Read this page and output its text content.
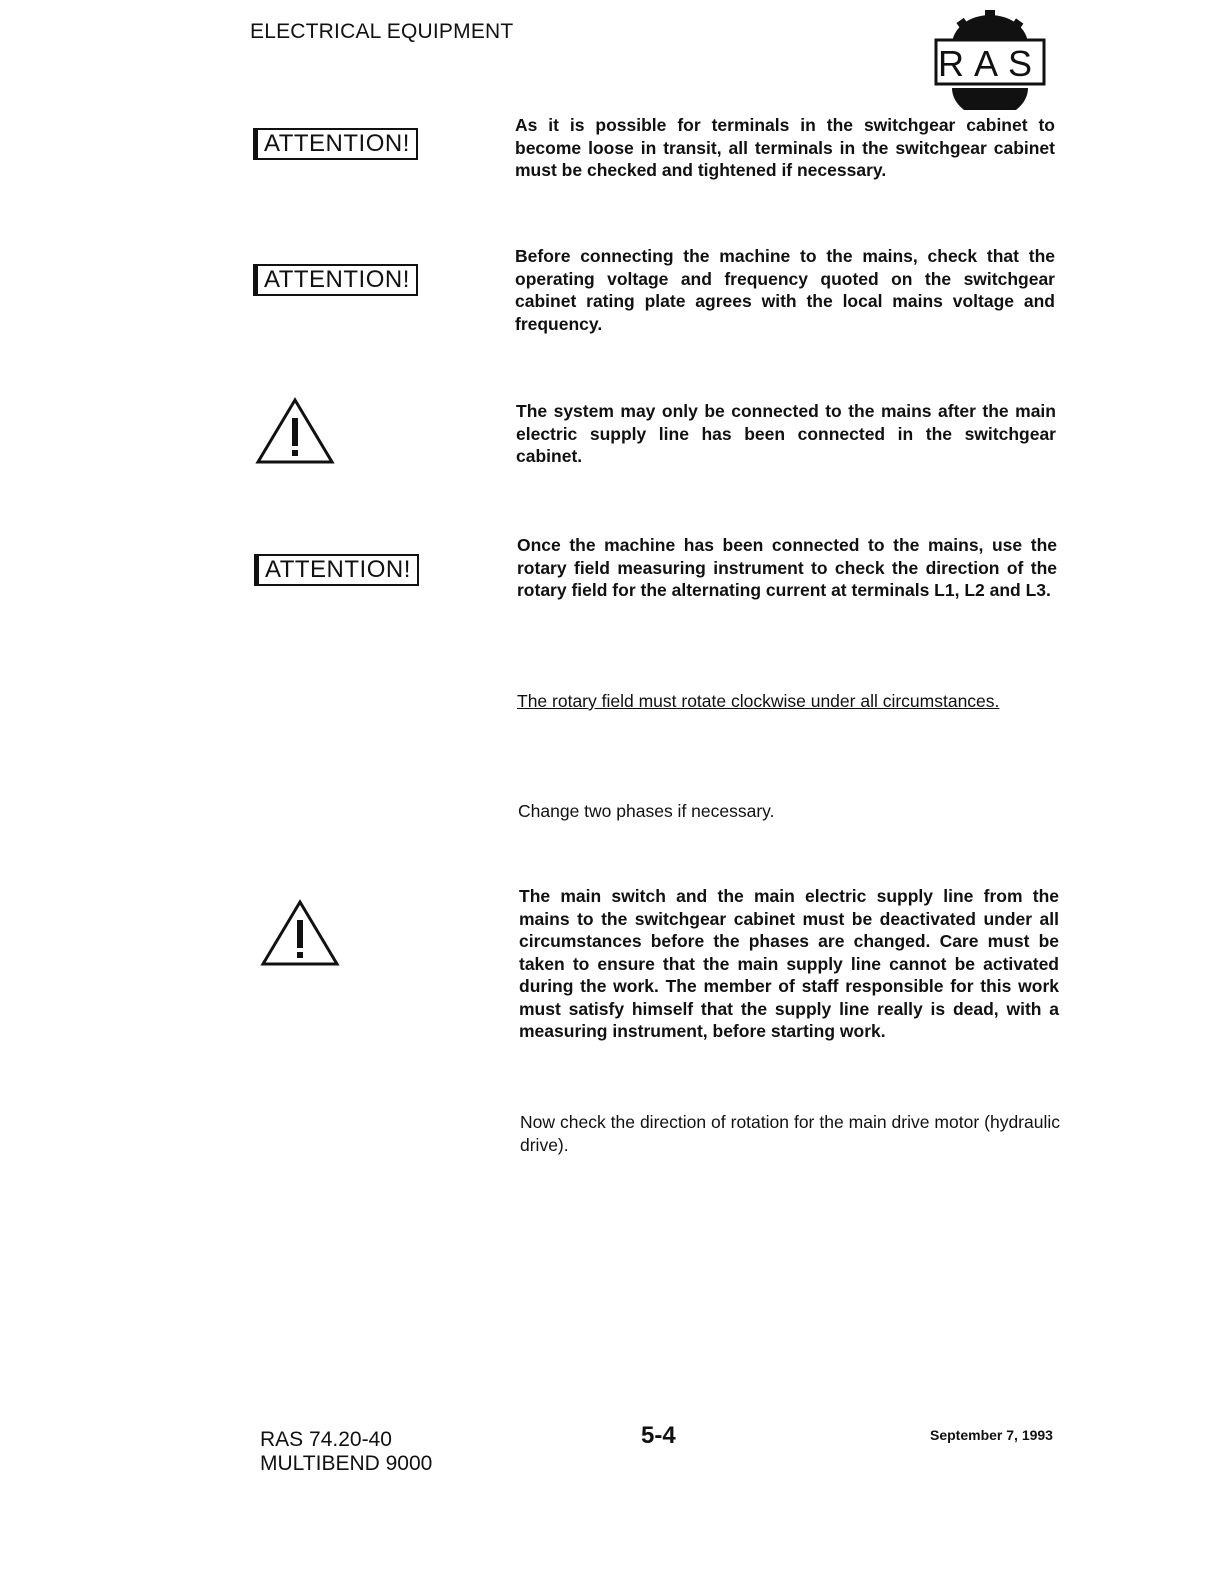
ELECTRICAL EQUIPMENT
RAS
ATTENTION!
As it is possible for terminals in the switchgear cabinet to become loose in transit, all terminals in the switchgear cabinet must be checked and tightened if necessary.
ATTENTION!
Before connecting the machine to the mains, check that the operating voltage and frequency quoted on the switchgear cabinet rating plate agrees with the local mains voltage and frequency.
The system may only be connected to the mains after the main electric supply line has been connected in the switchgear cabinet.
ATTENTION!
Once the machine has been connected to the mains, use the rotary field measuring instrument to check the direction of the rotary field for the alternating current at terminals L1, L2 and L3.
The rotary field must rotate clockwise under all circumstances.
Change two phases if necessary.
The main switch and the main electric supply line from the mains to the switchgear cabinet must be deactivated under all circumstances before the phases are changed. Care must be taken to ensure that the main supply line cannot be activated during the work. The member of staff responsible for this work must satisfy himself that the supply line really is dead, with a measuring instrument, before starting work.
Now check the direction of rotation for the main drive motor (hydraulic drive).
RAS 74.20-40
MULTIBEND 9000
5-4	September 7, 1993
